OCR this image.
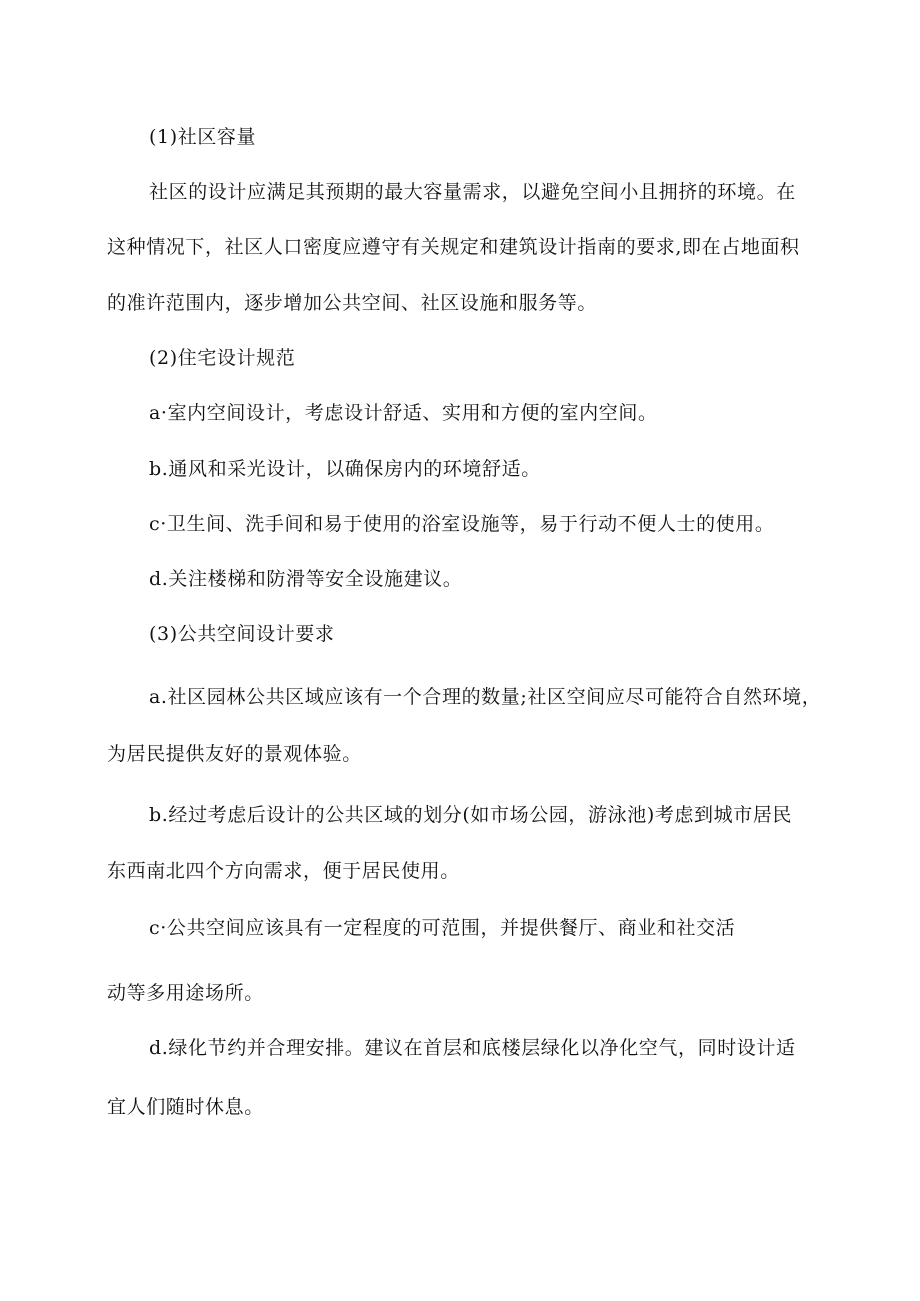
(1)社区容量

社区的设计应满足其预期的最大容量需求，以避免空间小且拥挤的环境。在

这种情况下，社区人口密度应遵守有关规定和建筑设计指南的要求,即在占地面积

的准许范围内，逐步增加公共空间、社区设施和服务等。

(2)住宅设计规范

a·室内空间设计，考虑设计舒适、实用和方便的室内空间。

b.通风和采光设计，以确保房内的环境舒适。

c·卫生间、洗手间和易于使用的浴室设施等，易于行动不便人士的使用。

d.关注楼梯和防滑等安全设施建议。

(3)公共空间设计要求

a.社区园林公共区域应该有一个合理的数量;社区空间应尽可能符合自然环境，

为居民提供友好的景观体验。

b.经过考虑后设计的公共区域的划分(如市场公园，游泳池)考虑到城市居民

东西南北四个方向需求，便于居民使用。

c·公共空间应该具有一定程度的可范围，并提供餐厅、商业和社交活

动等多用途场所。

d.绿化节约并合理安排。建议在首层和底楼层绿化以净化空气，同时设计适

宜人们随时休息。
